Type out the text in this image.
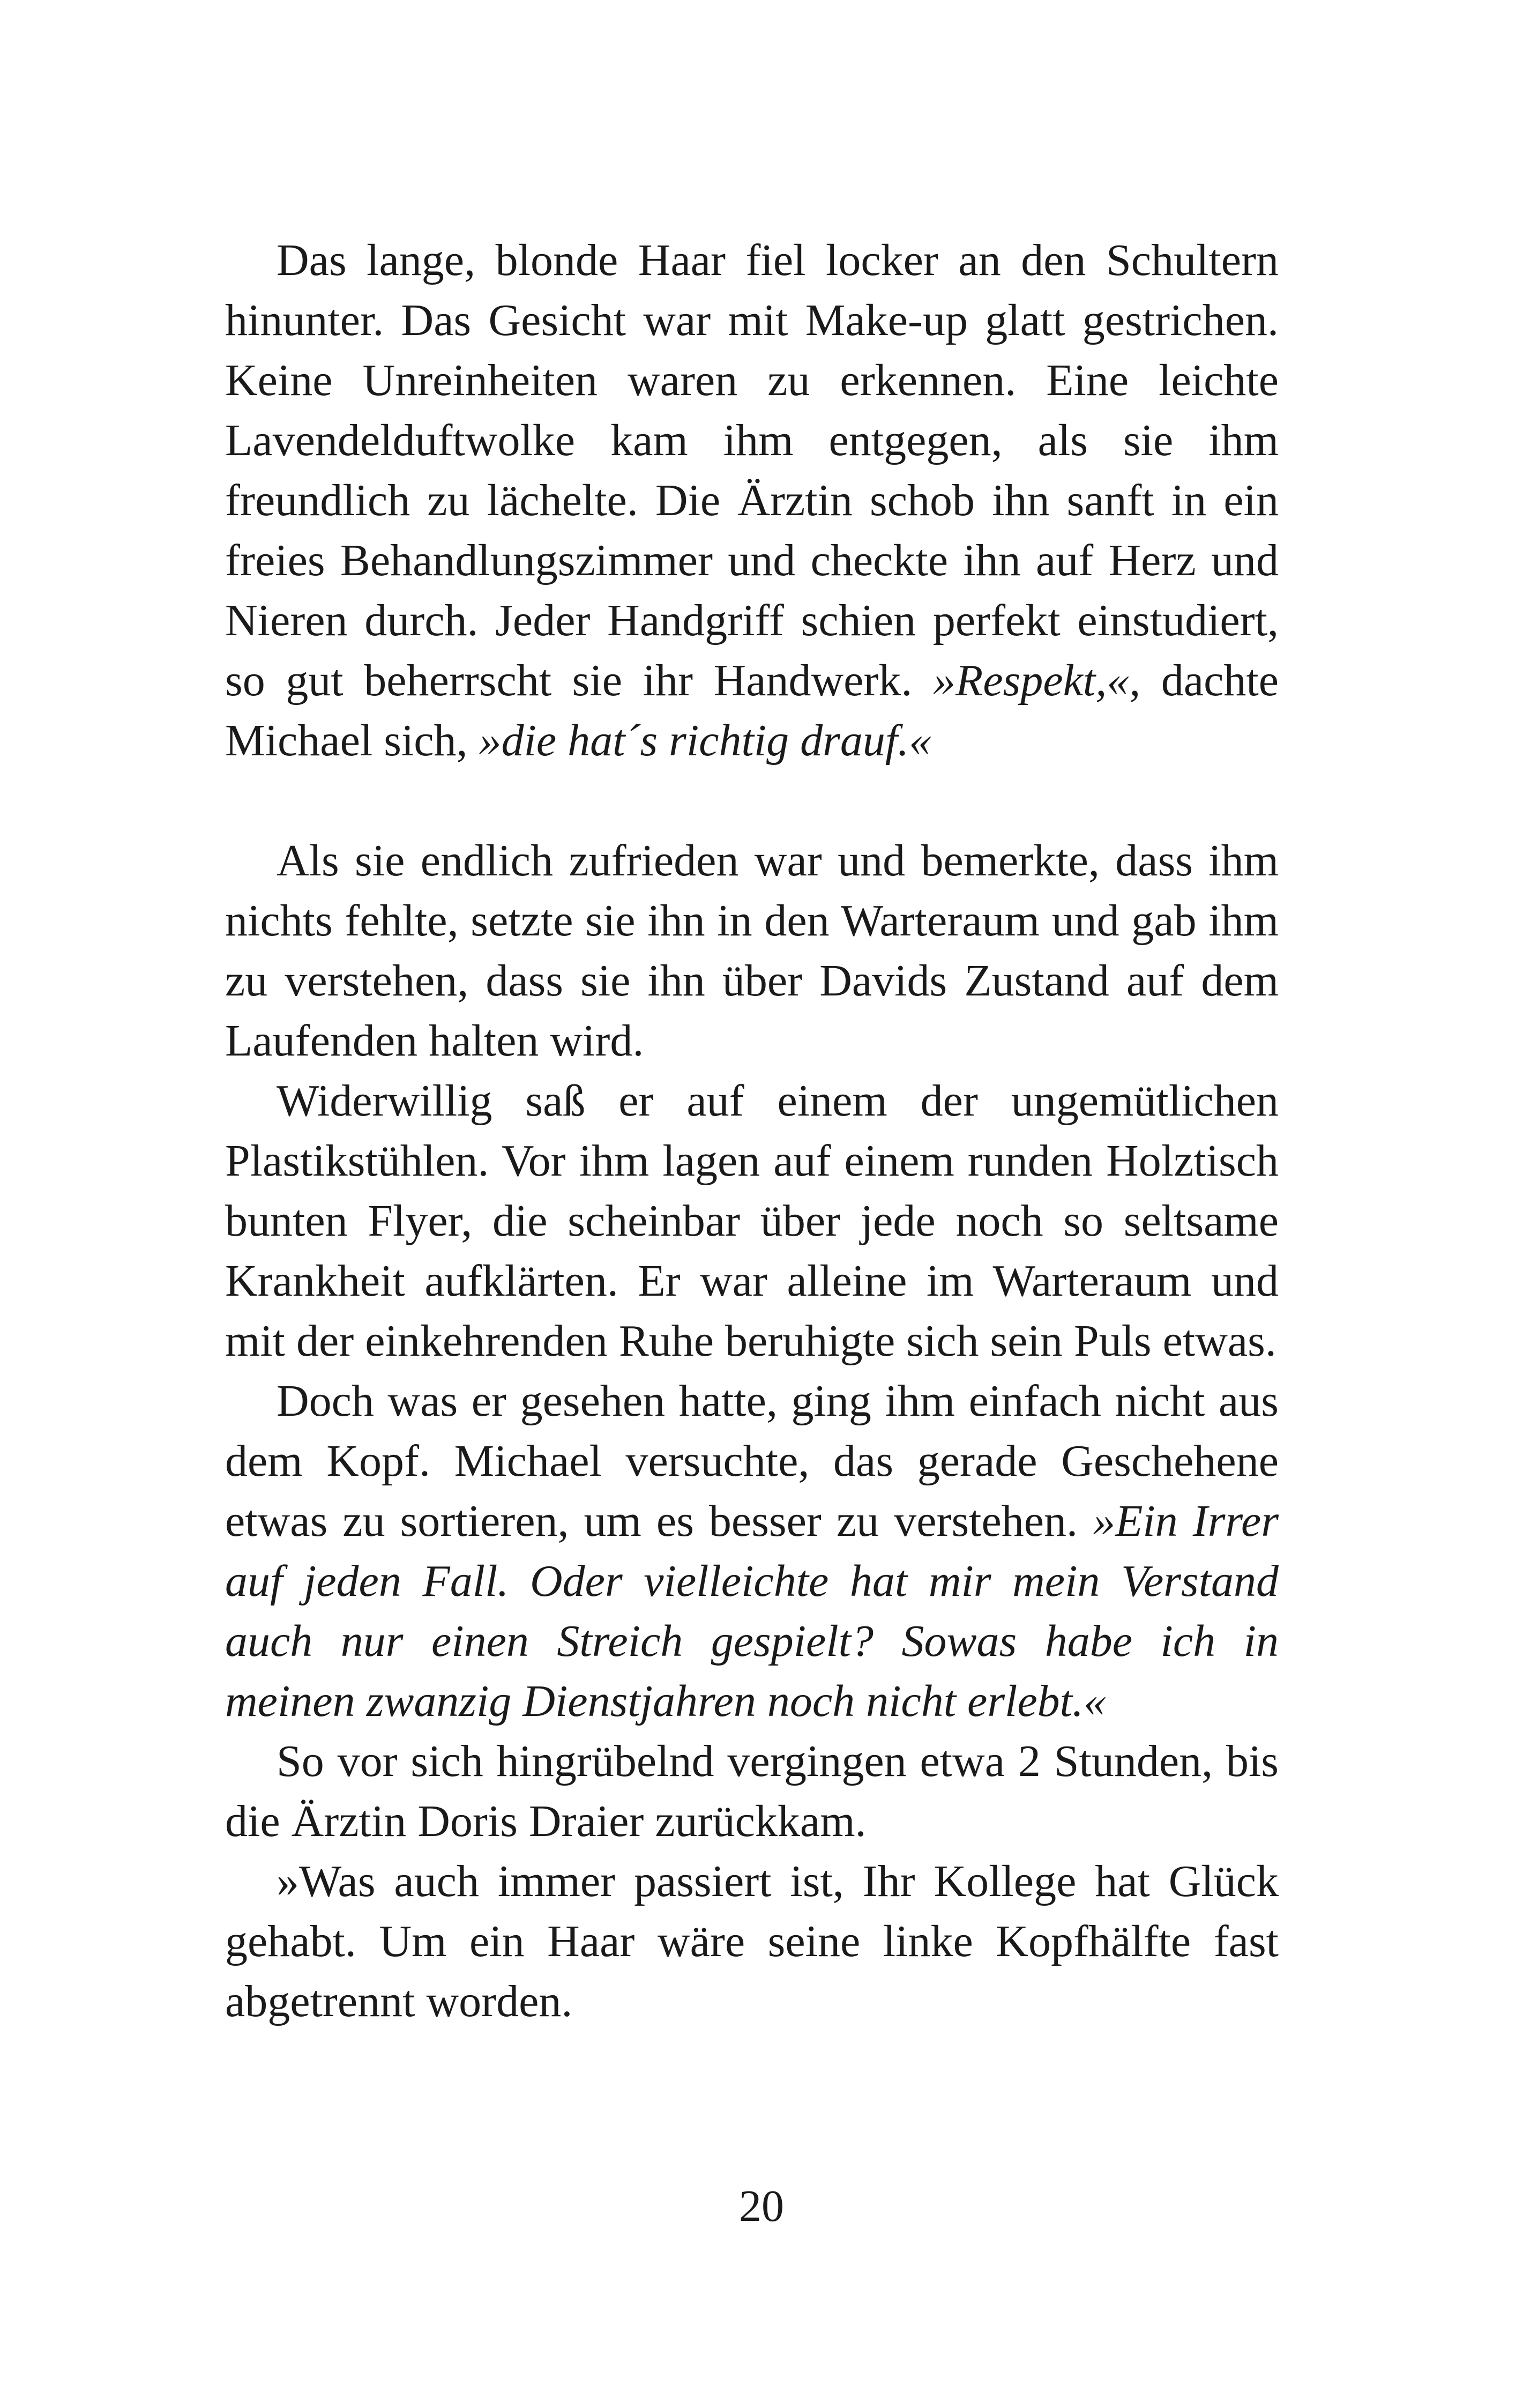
Das lange, blonde Haar fiel locker an den Schultern hinunter. Das Gesicht war mit Make-up glatt gestrichen. Keine Unreinheiten waren zu erkennen. Eine leichte Lavendelduftwolke kam ihm entgegen, als sie ihm freundlich zu lächelte. Die Ärztin schob ihn sanft in ein freies Behandlungszimmer und checkte ihn auf Herz und Nieren durch. Jeder Handgriff schien perfekt einstudiert, so gut beherrscht sie ihr Handwerk. »Respekt,«, dachte Michael sich, »die hat´s richtig drauf.«

Als sie endlich zufrieden war und bemerkte, dass ihm nichts fehlte, setzte sie ihn in den Warteraum und gab ihm zu verstehen, dass sie ihn über Davids Zustand auf dem Laufenden halten wird.

Widerwillig saß er auf einem der ungemütlichen Plastikstühlen. Vor ihm lagen auf einem runden Holztisch bunten Flyer, die scheinbar über jede noch so seltsame Krankheit aufklärten. Er war alleine im Warteraum und mit der einkehrenden Ruhe beruhigte sich sein Puls etwas.

Doch was er gesehen hatte, ging ihm einfach nicht aus dem Kopf. Michael versuchte, das gerade Geschehene etwas zu sortieren, um es besser zu verstehen. »Ein Irrer auf jeden Fall. Oder vielleichte hat mir mein Verstand auch nur einen Streich gespielt? Sowas habe ich in meinen zwanzig Dienstjahren noch nicht erlebt.«

So vor sich hingrübelnd vergingen etwa 2 Stunden, bis die Ärztin Doris Draier zurückkam.

»Was auch immer passiert ist, Ihr Kollege hat Glück gehabt. Um ein Haar wäre seine linke Kopfhälfte fast abgetrennt worden.

20
